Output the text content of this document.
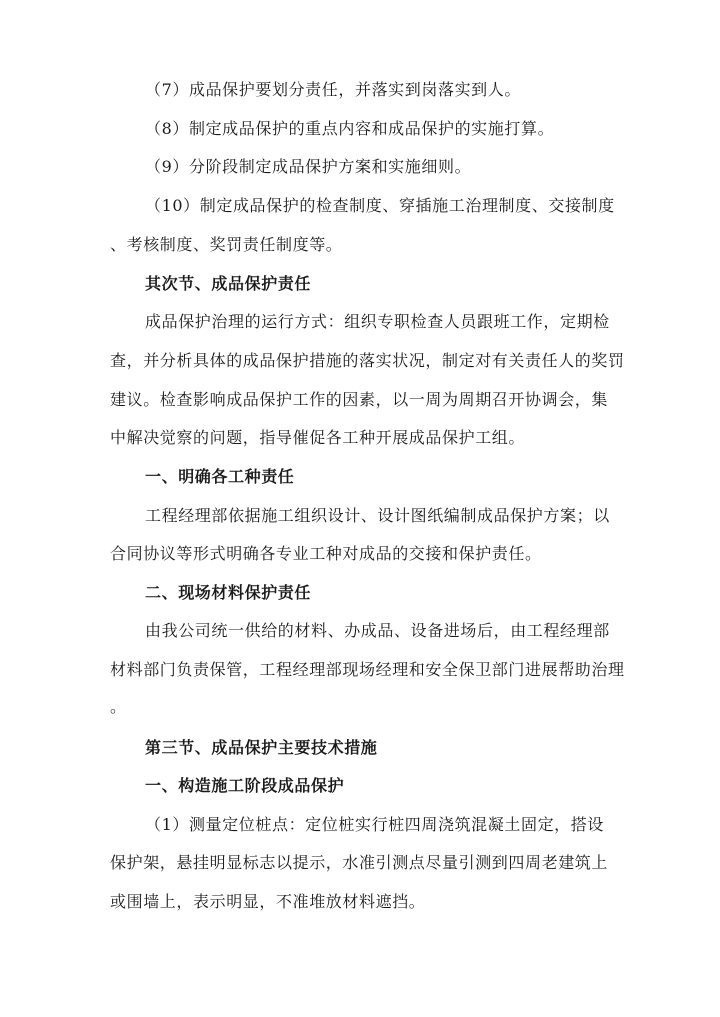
（7）成品保护要划分责任，并落实到岗落实到人。
（8）制定成品保护的重点内容和成品保护的实施打算。
（9）分阶段制定成品保护方案和实施细则。
（10）制定成品保护的检查制度、穿插施工治理制度、交接制度
、考核制度、奖罚责任制度等。
其次节、成品保护责任
成品保护治理的运行方式：组织专职检查人员跟班工作，定期检
查，并分析具体的成品保护措施的落实状况，制定对有关责任人的奖罚
建议。检查影响成品保护工作的因素，以一周为周期召开协调会，集
中解决觉察的问题，指导催促各工种开展成品保护工组。
一、明确各工种责任
工程经理部依据施工组织设计、设计图纸编制成品保护方案；以
合同协议等形式明确各专业工种对成品的交接和保护责任。
二、现场材料保护责任
由我公司统一供给的材料、办成品、设备进场后，由工程经理部
材料部门负责保管，工程经理部现场经理和安全保卫部门进展帮助治理
。
第三节、成品保护主要技术措施
一、构造施工阶段成品保护
（1）测量定位桩点：定位桩实行桩四周浇筑混凝土固定，搭设
保护架，悬挂明显标志以提示，水准引测点尽量引测到四周老建筑上
或围墙上，表示明显，不准堆放材料遮挡。
